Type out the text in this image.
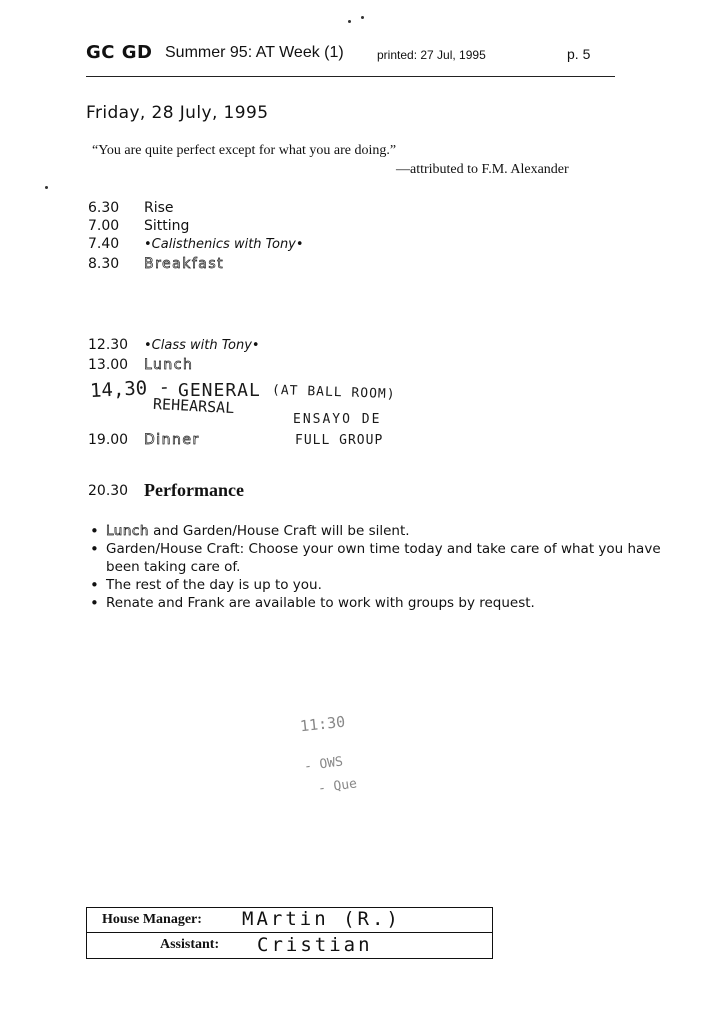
GC GD Summer 95: AT Week (1)	printed: 27 Jul, 1995	p. 5
Friday, 28 July, 1995
“You are quite perfect except for what you are doing.”
—attributed to F.M. Alexander
6.30 Rise
7.00 Sitting
7.40 •Calisthenics with Tony•
8.30 Breakfast
12.30 •Class with Tony•
13.00 Lunch
19.00 Dinner
20.30 Performance
14,30 - GENERAL (AT BALL ROOM)
REHEARSAL
ENSAYO DE
FULL GROUP
• Lunch and Garden/House Craft will be silent.
• Garden/House Craft: Choose your own time today and take care of what you have been taking care of.
• The rest of the day is up to you.
• Renate and Frank are available to work with groups by request.
11:30
- OWS
- Que
House Manager: MArtin (R.)
Assistant: Cristian
